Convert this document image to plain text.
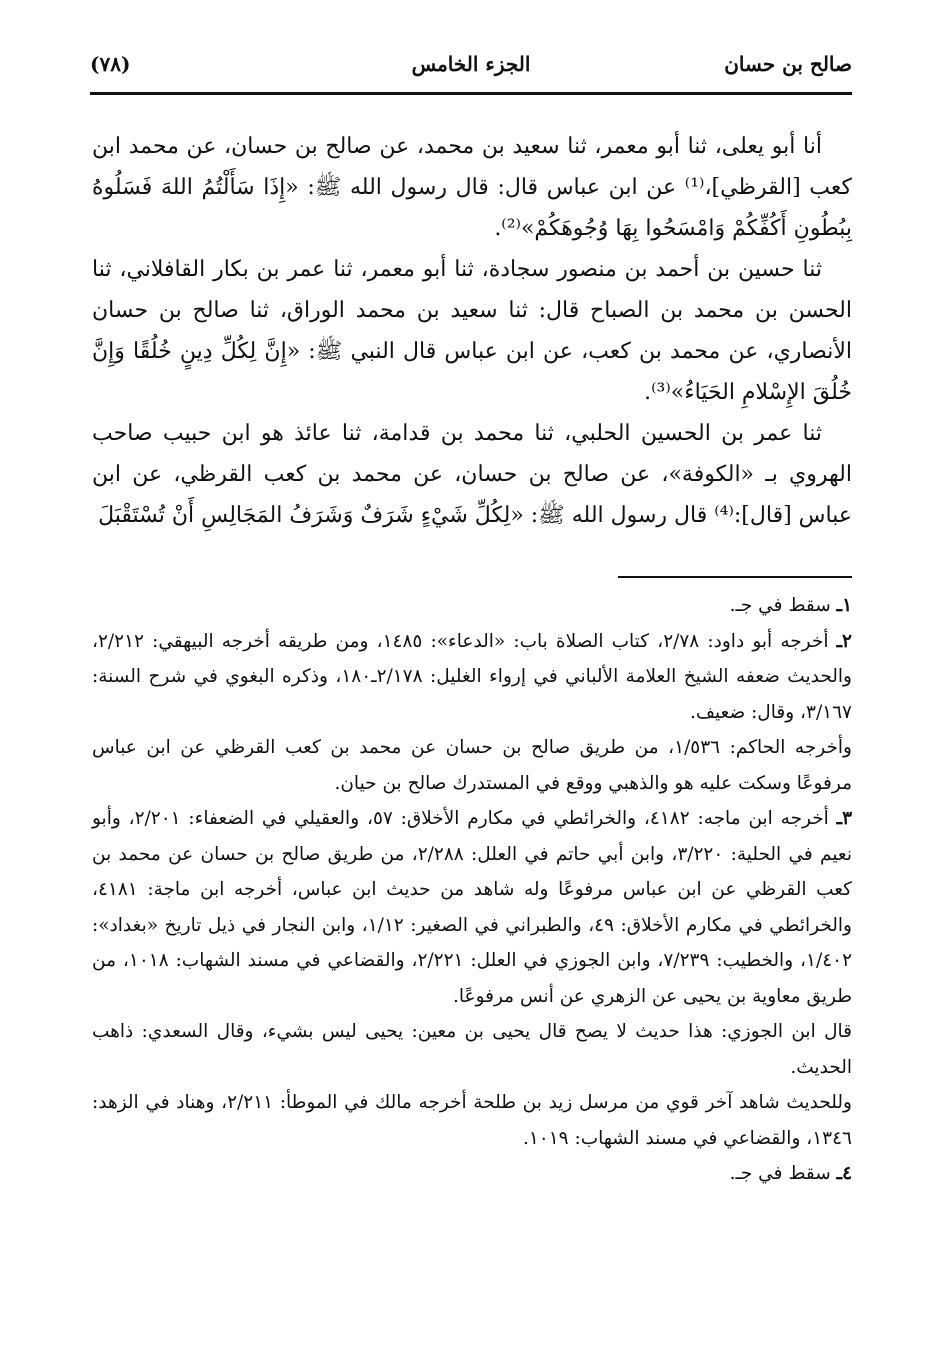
صالح بن حسان
الجزء الخامس
(٧٨)

أنا أبو يعلى، ثنا أبو معمر، ثنا سعيد بن محمد، عن صالح بن حسان، عن محمد ابن كعب [القرظي]،⁽¹⁾ عن ابن عباس قال: قال رسول الله ﷺ: «إِذَا سَأَلْتُمُ اللهَ فَسَلُوهُ بِبُطُونِ أَكُفِّكُمْ وَامْسَحُوا بِهَا وُجُوهَكُمْ»⁽²⁾.

ثنا حسين بن أحمد بن منصور سجادة، ثنا أبو معمر، ثنا عمر بن بكار القافلاني، ثنا الحسن بن محمد بن الصباح قال: ثنا سعيد بن محمد الوراق، ثنا صالح بن حسان الأنصاري، عن محمد بن كعب، عن ابن عباس قال النبي ﷺ: «إِنَّ لِكُلِّ دِينٍ خُلُقًا وَإِنَّ خُلُقَ الإِسْلامِ الحَيَاءُ»⁽³⁾.

ثنا عمر بن الحسين الحلبي، ثنا محمد بن قدامة، ثنا عائذ هو ابن حبيب صاحب الهروي بـ «الكوفة»، عن صالح بن حسان، عن محمد بن كعب القرظي، عن ابن عباس [قال]:⁽⁴⁾ قال رسول الله ﷺ: «لِكُلِّ شَيْءٍ شَرَفٌ وَشَرَفُ المَجَالِسِ أَنْ تُسْتَقْبَلَ

١ـ سقط في جـ.

٢ـ أخرجه أبو داود: ٢/٧٨، كتاب الصلاة باب: «الدعاء»: ١٤٨٥، ومن طريقه أخرجه البيهقي: ٢/٢١٢، والحديث ضعفه الشيخ العلامة الألباني في إرواء الغليل: ٢/١٧٨ـ١٨٠، وذكره البغوي في شرح السنة: ٣/١٦٧، وقال: ضعيف.

وأخرجه الحاكم: ١/٥٣٦، من طريق صالح بن حسان عن محمد بن كعب القرظي عن ابن عباس مرفوعًا وسكت عليه هو والذهبي ووقع في المستدرك صالح بن حيان.

٣ـ أخرجه ابن ماجه: ٤١٨٢، والخرائطي في مكارم الأخلاق: ٥٧، والعقيلي في الضعفاء: ٢/٢٠١، وأبو نعيم في الحلية: ٣/٢٢٠، وابن أبي حاتم في العلل: ٢/٢٨٨، من طريق صالح بن حسان عن محمد بن كعب القرظي عن ابن عباس مرفوعًا وله شاهد من حديث ابن عباس، أخرجه ابن ماجة: ٤١٨١، والخرائطي في مكارم الأخلاق: ٤٩، والطبراني في الصغير: ١/١٢، وابن النجار في ذيل تاريخ «بغداد»: ١/٤٠٢، والخطيب: ٧/٢٣٩، وابن الجوزي في العلل: ٢/٢٢١، والقضاعي في مسند الشهاب: ١٠١٨، من طريق معاوية بن يحيى عن الزهري عن أنس مرفوعًا.

قال ابن الجوزي: هذا حديث لا يصح قال يحيى بن معين: يحيى ليس بشيء، وقال السعدي: ذاهب الحديث.

وللحديث شاهد آخر قوي من مرسل زيد بن طلحة أخرجه مالك في الموطأ: ٢/٢١١، وهناد في الزهد: ١٣٤٦، والقضاعي في مسند الشهاب: ١٠١٩.

٤ـ سقط في جـ.
